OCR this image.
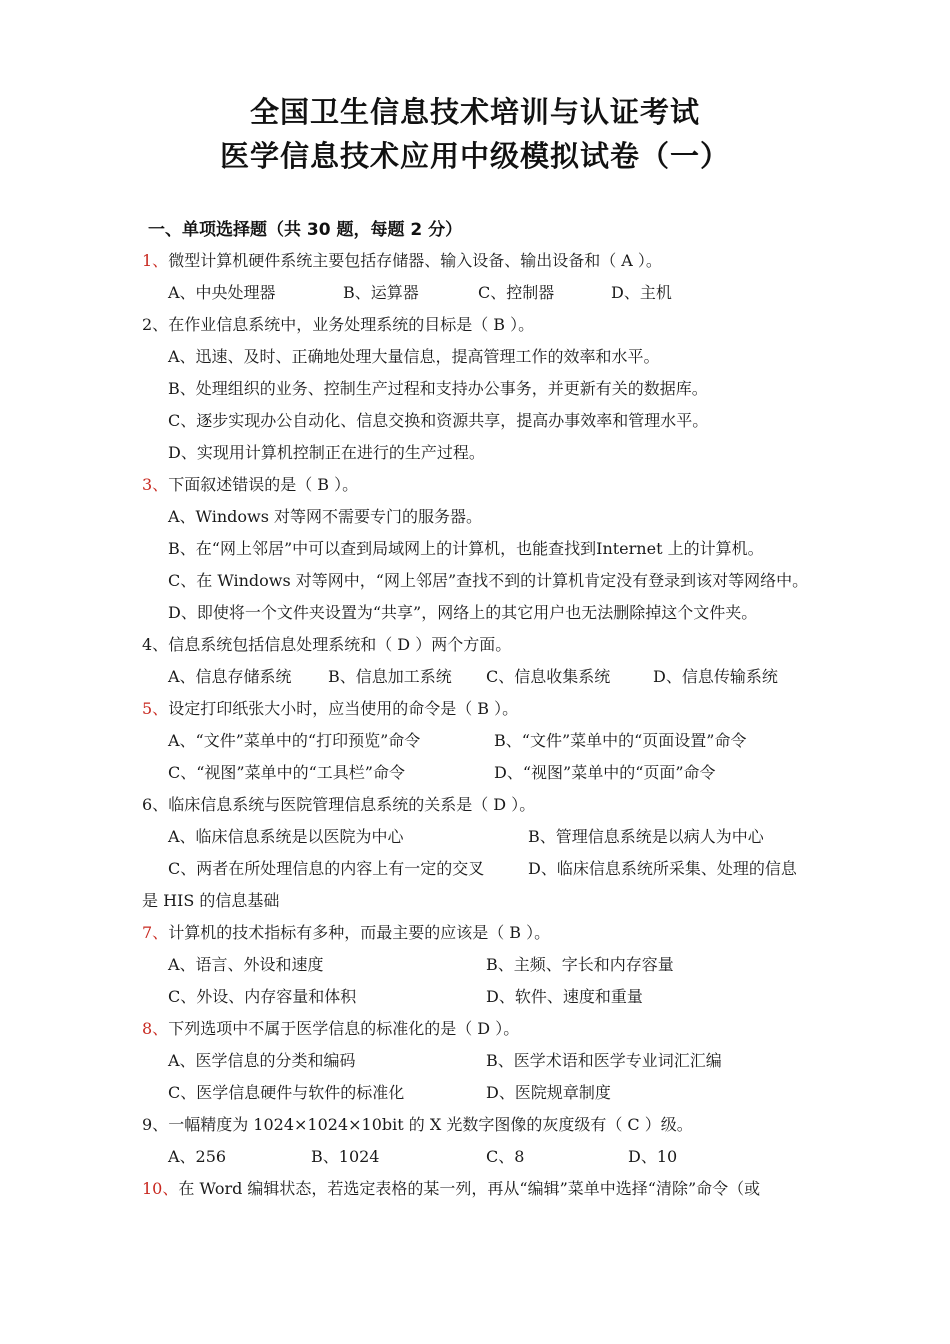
全国卫生信息技术培训与认证考试
医学信息技术应用中级模拟试卷（一）
一、单项选择题（共 30 题，每题 2 分）
1、微型计算机硬件系统主要包括存储器、输入设备、输出设备和（ A ）。
A、中央处理器	B、运算器	C、控制器	D、主机
2、在作业信息系统中，业务处理系统的目标是（ B ）。
A、迅速、及时、正确地处理大量信息，提高管理工作的效率和水平。
B、处理组织的业务、控制生产过程和支持办公事务，并更新有关的数据库。
C、逐步实现办公自动化、信息交换和资源共享，提高办事效率和管理水平。
D、实现用计算机控制正在进行的生产过程。
3、下面叙述错误的是（ B ）。
A、Windows 对等网不需要专门的服务器。
B、在“网上邻居”中可以查到局域网上的计算机，也能查找到Internet 上的计算机。
C、在 Windows 对等网中，“网上邻居”查找不到的计算机肯定没有登录到该对等网络中。
D、即使将一个文件夹设置为“共享”，网络上的其它用户也无法删除掉这个文件夹。
4、信息系统包括信息处理系统和（ D ）两个方面。
A、信息存储系统 B、信息加工系统 C、信息收集系统	D、信息传输系统
5、设定打印纸张大小时，应当使用的命令是（ B ）。
A、“文件”菜单中的“打印预览”命令	B、“文件”菜单中的“页面设置”命令
C、“视图”菜单中的“工具栏”命令	D、“视图”菜单中的“页面”命令
6、临床信息系统与医院管理信息系统的关系是（ D ）。
A、临床信息系统是以医院为中心	B、管理信息系统是以病人为中心
C、两者在所处理信息的内容上有一定的交叉	D、临床信息系统所采集、处理的信息
是 HIS 的信息基础
7、计算机的技术指标有多种，而最主要的应该是（ B ）。
A、语言、外设和速度	B、主频、字长和内存容量
C、外设、内存容量和体积	D、软件、速度和重量
8、下列选项中不属于医学信息的标准化的是（ D ）。
A、医学信息的分类和编码	B、医学术语和医学专业词汇汇编
C、医学信息硬件与软件的标准化	D、医院规章制度
9、一幅精度为 1024×1024×10bit 的 X 光数字图像的灰度级有（ C ）级。
A、256	B、1024	C、8	D、10
10、在 Word 编辑状态，若选定表格的某一列，再从“编辑”菜单中选择“清除”命令（或
